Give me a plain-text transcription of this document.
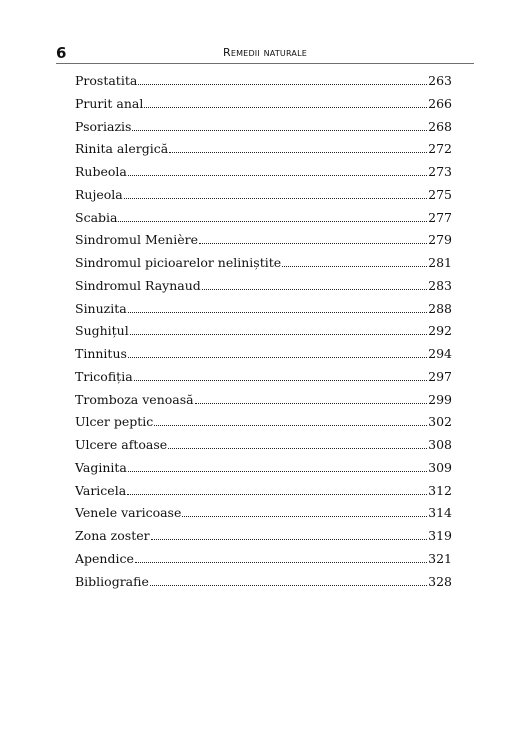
6	Remedii naturale
Prostatita	263
Prurit anal	266
Psoriazis	268
Rinita alergică	272
Rubeola	273
Rujeola	275
Scabia	277
Sindromul Menière	279
Sindromul picioarelor neliniștite	281
Sindromul Raynaud	283
Sinuzita	288
Sughițul	292
Tinnitus	294
Tricofiția	297
Tromboza venoasă	299
Ulcer peptic	302
Ulcere aftoase	308
Vaginita	309
Varicela	312
Venele varicoase	314
Zona zoster	319
Apendice	321
Bibliografie	328
